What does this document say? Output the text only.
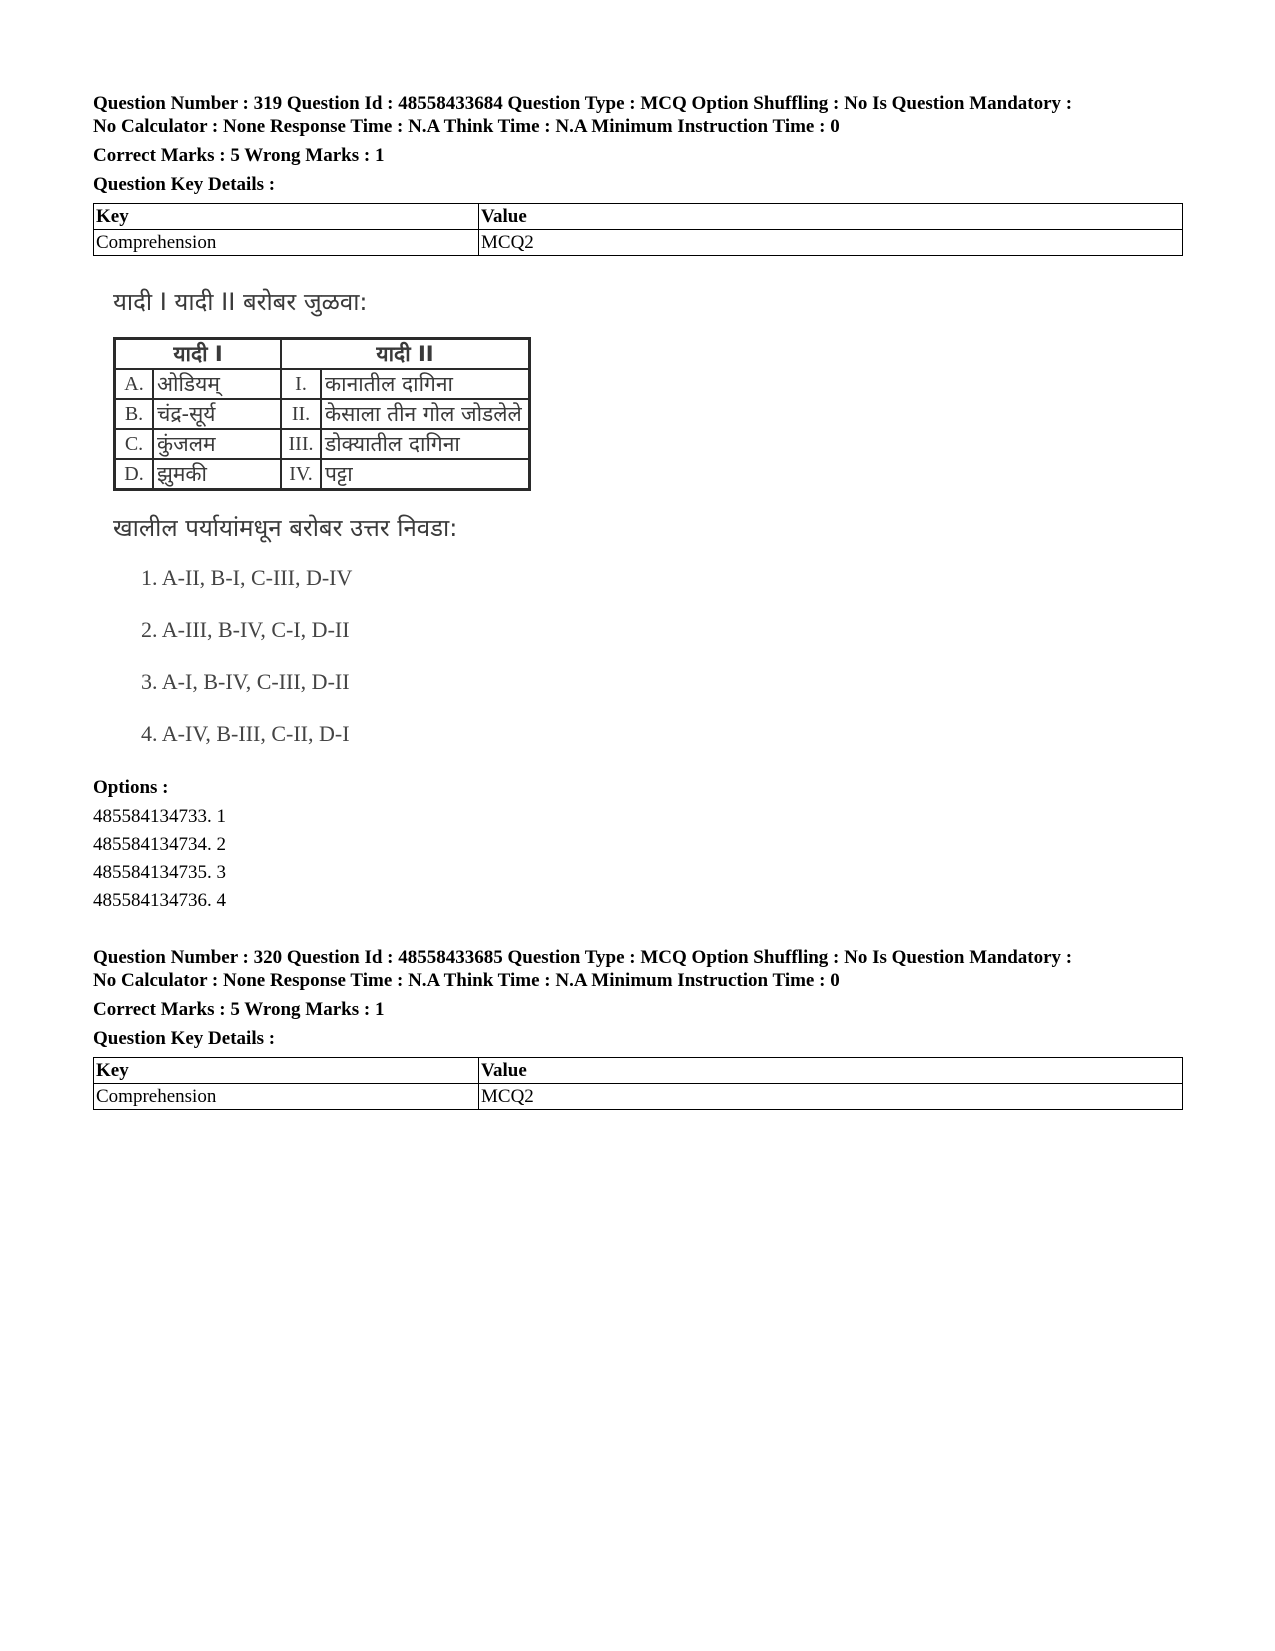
Question Number : 319 Question Id : 48558433684 Question Type : MCQ Option Shuffling : No Is Question Mandatory :

No Calculator : None Response Time : N.A Think Time : N.A Minimum Instruction Time : 0

Correct Marks : 5 Wrong Marks : 1

Question Key Details :

Key	Value
Comprehension	MCQ2
यादी I यादी II बरोबर जुळवा:
यादी I		यादी II	
A.	ओडियम्	I.	कानातील दागिना
B.	चंद्र-सूर्य	II.	केसाला तीन गोल जोडलेले
C.	कुंजलम	III.	डोक्यातील दागिना
D.	झुमकी	IV.	पट्टा
खालील पर्यायांमधून बरोबर उत्तर निवडा:
1. A-II, B-I, C-III, D-IV
2. A-III, B-IV, C-I, D-II
3. A-I, B-IV, C-III, D-II
4. A-IV, B-III, C-II, D-I
Options :
485584134733. 1
485584134734. 2
485584134735. 3
485584134736. 4

Question Number : 320 Question Id : 48558433685 Question Type : MCQ Option Shuffling : No Is Question Mandatory :

No Calculator : None Response Time : N.A Think Time : N.A Minimum Instruction Time : 0

Correct Marks : 5 Wrong Marks : 1

Question Key Details :

Key	Value
Comprehension	MCQ2
